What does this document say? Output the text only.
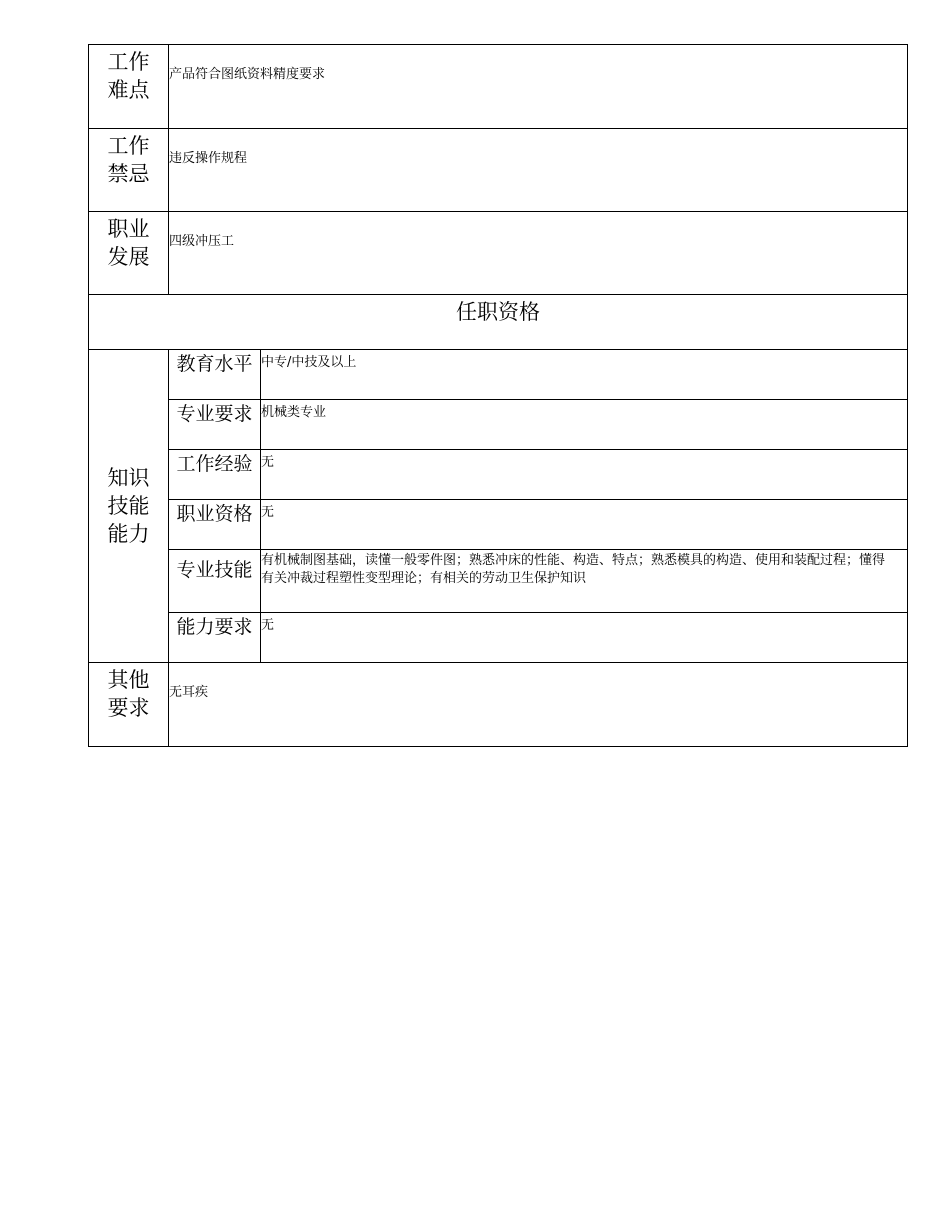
工作
难点	产品符合图纸资料精度要求	

工作
禁忌	违反操作规程	

职业
发展	四级冲压工	
任职资格		

知识
技能
能力	教育水平	中专/中技及以上
	专业要求	机械类专业
	工作经验	无
	职业资格	无
	专业技能	有机械制图基础，读懂一般零件图；熟悉冲床的性能、构造、特点；熟悉模具的构造、使用和装配过程；懂得有关冲裁过程塑性变型理论；有相关的劳动卫生保护知识
	能力要求	无

其他
要求	无耳疾	
